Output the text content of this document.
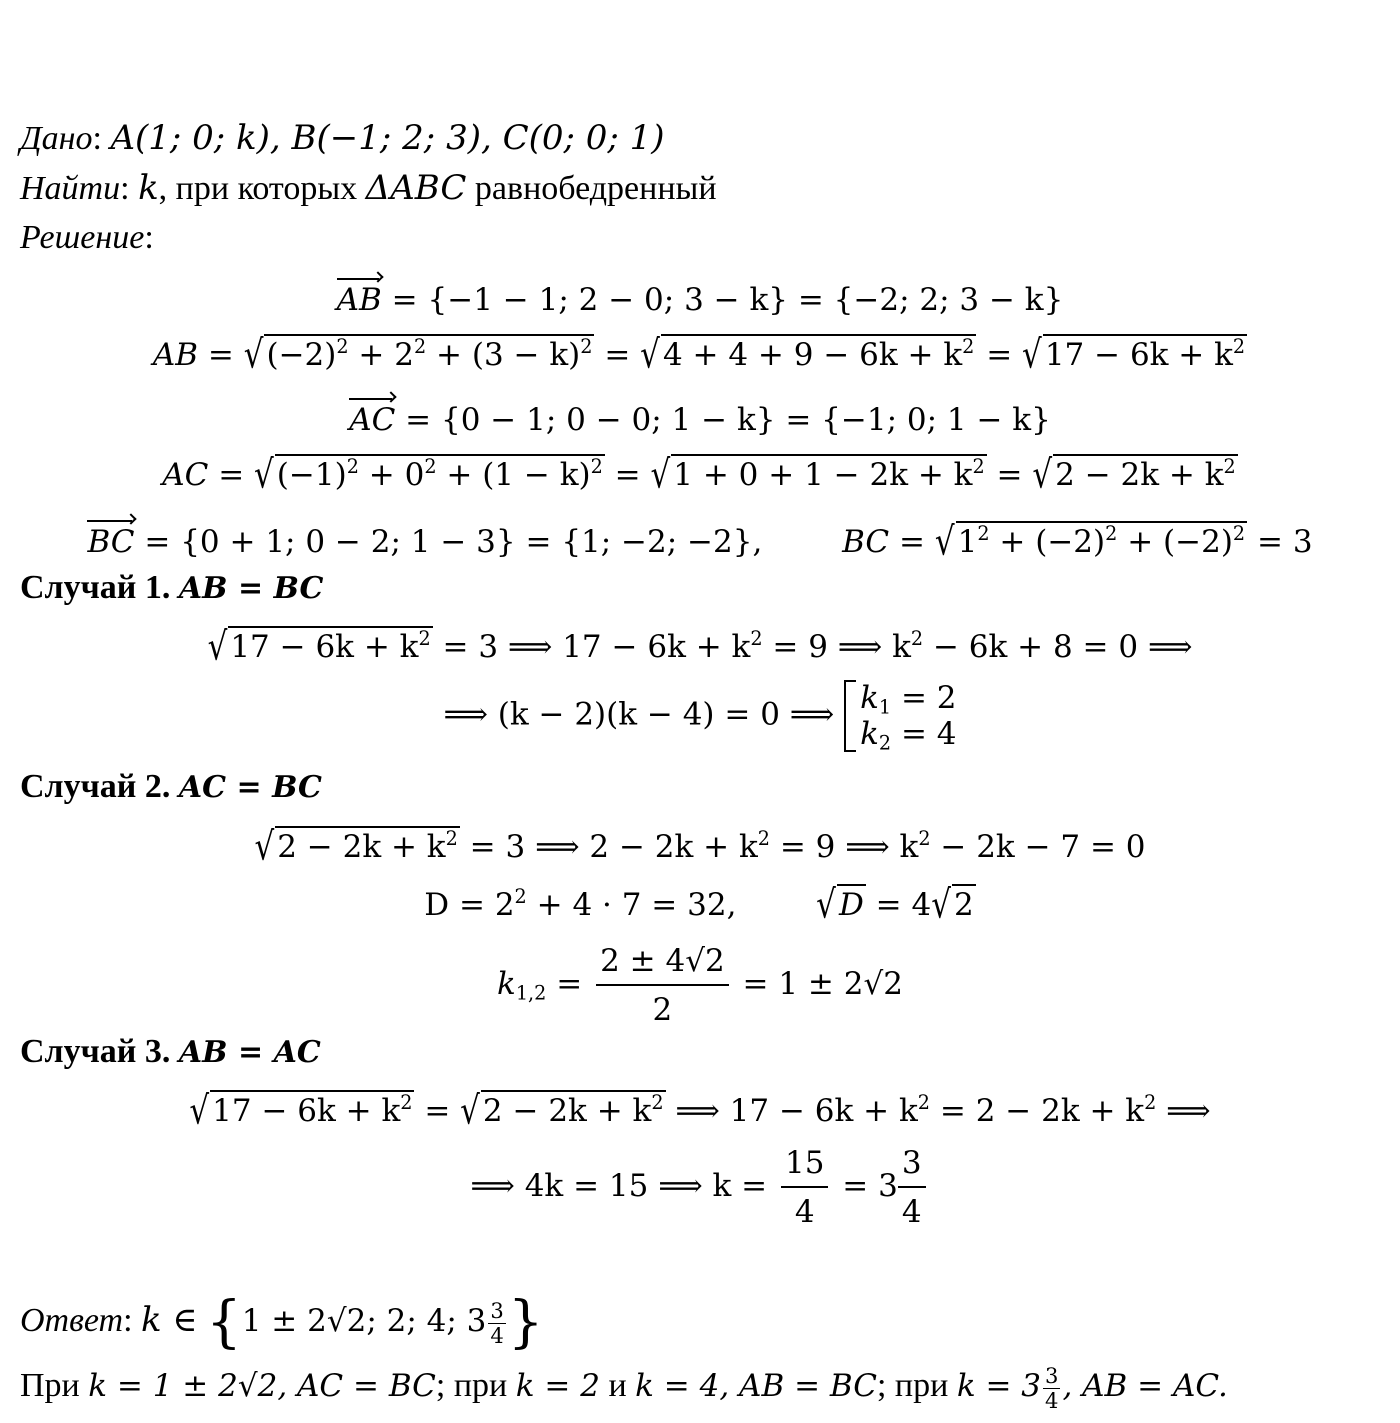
Дано: A(1; 0; k), B(−1; 2; 3), C(0; 0; 1)
Найти: k, при которых ΔABC равнобедренный
Решение:
AB = {−1 − 1; 2 − 0; 3 − k} = {−2; 2; 3 − k}
AB = $√(-2)^2 + 2^2 + (3 - k)^2 = √4 + 4 + 9 - 6k + k^2 = √17 - 6k + k^2$
AC = {0 − 1; 0 − 0; 1 − k} = {−1; 0; 1 − k}
AC = $√(-1)^2 + 0^2 + (1 - k)^2 = √1 + 0 + 1 - 2k + k^2 = √2 - 2k + k^2$
BC = {0 + 1; 0 − 2; 1 − 3} = {1; −2; −2},	BC = $√1^2 + (-2)^2 + (-2)^2 = 3$
Случай 1. AB = BC
$√17 - 6k + k^2 = 3$ ⟹ $17 - 6k + k^2 = 9$ ⟹ $k^2 - 6k + 8 = 0$ ⟹
⟹ (k − 2)(k − 4) = 0 ⟹ $k_1 = 2$
$k_2 = 4$
Случай 2. AC = BC
$√2 - 2k + k^2 = 3$ ⟹ $2 - 2k + k^2 = 9$ ⟹ $k^2 - 2k - 7 = 0$
$D = 2^2 + 4 \cdot 7 = 32$,	√D = 4√2
$k_{1,2} = \frac{2 \pm 4√2}{2} = 1 \pm 2√2$
Случай 3. AB = AC
$√17 - 6k + k^2 = √2 - 2k + k^2$ ⟹ $17 - 6k + k^2 = 2 - 2k + k^2$ ⟹
⟹ 4k = 15 ⟹ $k = \frac{15}{4} = 3 \frac{3}{4}$
Ответ: k ∈ {1 ± 2√2; 2; 4; $3 \frac{3}{4}$ }
При k = 1 ± 2√2, AC = BC; при k = 2 и k = 4, AB = BC; при $k = 3 \frac{3}{4}$ , AB = AC.
